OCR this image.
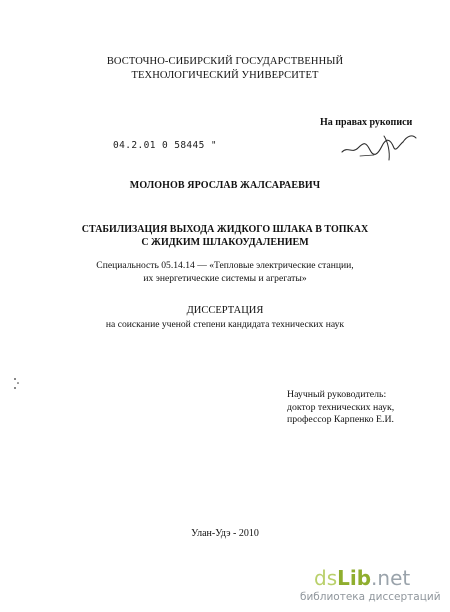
ВОСТОЧНО-СИБИРСКИЙ ГОСУДАРСТВЕННЫЙ
ТЕХНОЛОГИЧЕСКИЙ УНИВЕРСИТЕТ
На правах рукописи
04.2.01 0 58445 "
МОЛОНОВ ЯРОСЛАВ ЖАЛСАРАЕВИЧ
СТАБИЛИЗАЦИЯ ВЫХОДА ЖИДКОГО ШЛАКА В ТОПКАХ
С ЖИДКИМ ШЛАКОУДАЛЕНИЕМ
Специальность 05.14.14 — «Тепловые электрические станции,
их энергетические системы и агрегаты»
ДИССЕРТАЦИЯ
на соискание ученой степени кандидата технических наук
Научный руководитель:
доктор технических наук,
профессор Карпенко Е.И.
Улан-Удэ - 2010
dsLib.net
библиотека диссертаций
